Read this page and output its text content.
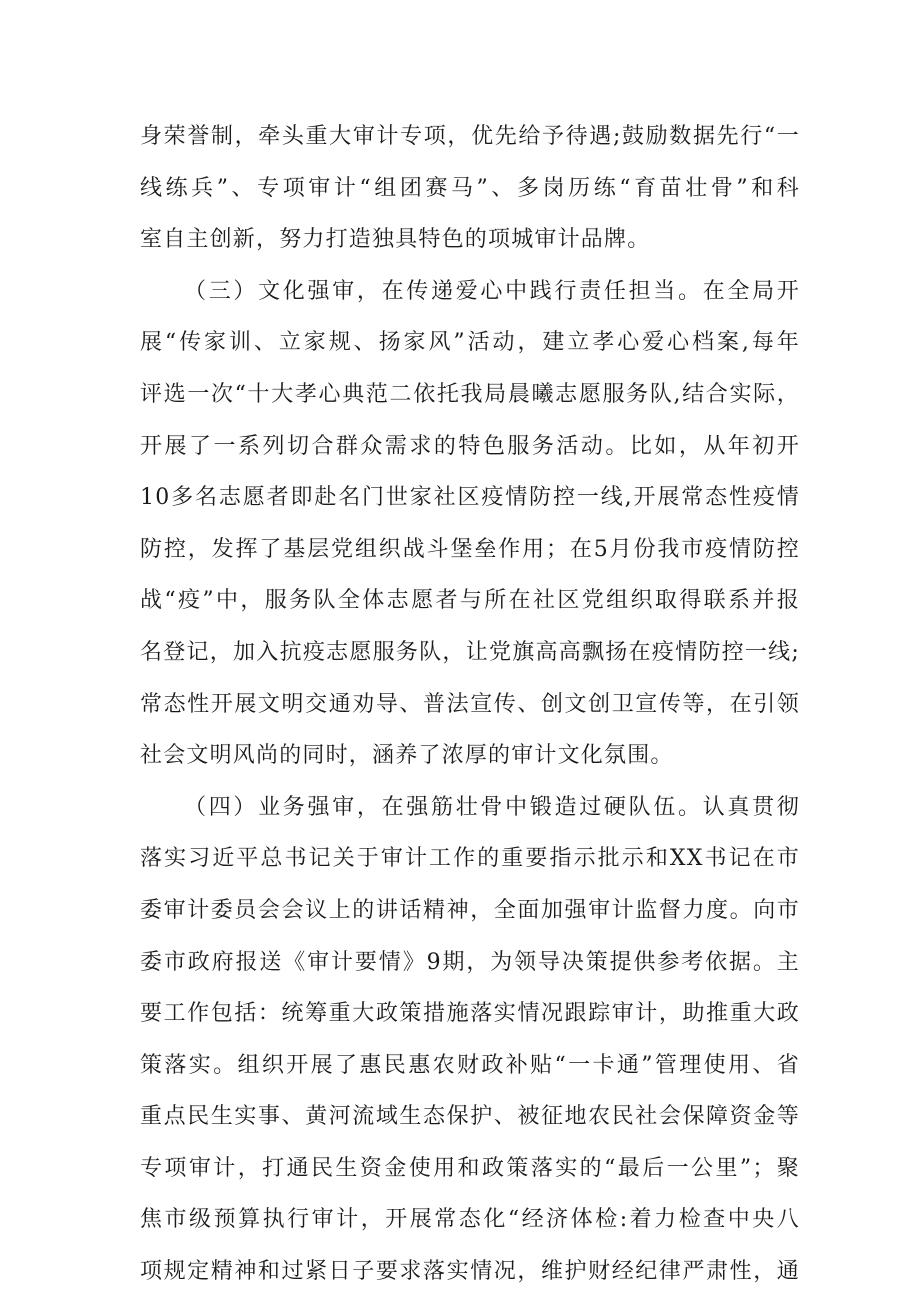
身荣誉制，牵头重大审计专项，优先给予待遇;鼓励数据先行“一
线练兵”、专项审计“组团赛马”、多岗历练“育苗壮骨”和科
室自主创新，努力打造独具特色的项城审计品牌。
（三）文化强审，在传递爱心中践行责任担当。在全局开
展“传家训、立家规、扬家风”活动，建立孝心爱心档案,每年
评选一次“十大孝心典范二依托我局晨曦志愿服务队,结合实际，
开展了一系列切合群众需求的特色服务活动。比如，从年初开
10多名志愿者即赴名门世家社区疫情防控一线,开展常态性疫情
防控，发挥了基层党组织战斗堡垒作用；在5月份我市疫情防控
战“疫”中，服务队全体志愿者与所在社区党组织取得联系并报
名登记，加入抗疫志愿服务队，让党旗高高飘扬在疫情防控一线;
常态性开展文明交通劝导、普法宣传、创文创卫宣传等，在引领
社会文明风尚的同时，涵养了浓厚的审计文化氛围。
（四）业务强审，在强筋壮骨中锻造过硬队伍。认真贯彻
落实习近平总书记关于审计工作的重要指示批示和XX书记在市
委审计委员会会议上的讲话精神，全面加强审计监督力度。向市
委市政府报送《审计要情》9期，为领导决策提供参考依据。主
要工作包括：统筹重大政策措施落实情况跟踪审计，助推重大政
策落实。组织开展了惠民惠农财政补贴“一卡通”管理使用、省
重点民生实事、黄河流域生态保护、被征地农民社会保障资金等
专项审计，打通民生资金使用和政策落实的“最后一公里”；聚
焦市级预算执行审计，开展常态化“经济体检:着力检查中央八
项规定精神和过紧日子要求落实情况，维护财经纪律严肃性，通
